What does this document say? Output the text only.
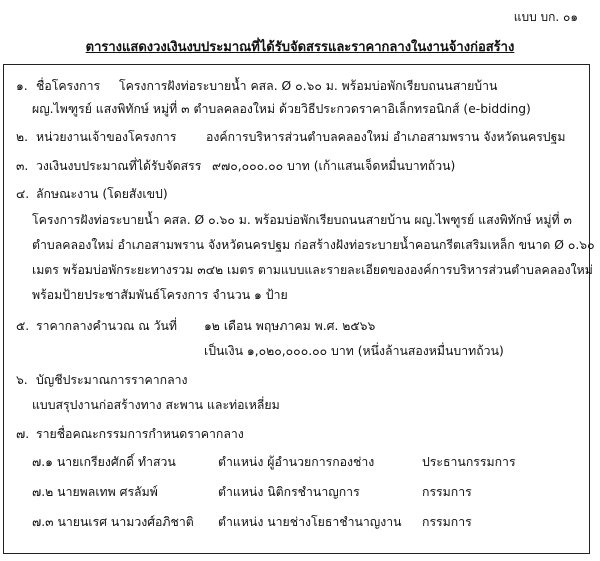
แบบ บก. ๐๑
ตารางแสดงวงเงินงบประมาณที่ได้รับจัดสรรและราคากลางในงานจ้างก่อสร้าง
๑. ชื่อโครงการ โครงการฝังท่อระบายน้ำ คสล. Ø ๐.๖๐ ม. พร้อมบ่อพักเรียบถนนสายบ้าน
ผญ.ไพฑูรย์ แสงพิทักษ์ หมู่ที่ ๓ ตำบลคลองใหม่ ด้วยวิธีประกวดราคาอิเล็กทรอนิกส์ (e-bidding)
๒. หน่วยงานเจ้าของโครงการ องค์การบริหารส่วนตำบลคลองใหม่ อำเภอสามพราน จังหวัดนครปฐม
๓. วงเงินงบประมาณที่ได้รับจัดสรร ๙๗๐,๐๐๐.๐๐ บาท (เก้าแสนเจ็ดหมื่นบาทถ้วน)
๔. ลักษณะงาน (โดยสังเขป)
โครงการฝังท่อระบายน้ำ คสล. Ø ๐.๖๐ ม. พร้อมบ่อพักเรียบถนนสายบ้าน ผญ.ไพฑูรย์ แสงพิทักษ์ หมู่ที่ ๓
ตำบลคลองใหม่ อำเภอสามพราน จังหวัดนครปฐม ก่อสร้างฝังท่อระบายน้ำคอนกรีตเสริมเหล็ก ขนาด Ø ๐.๖๐
เมตร พร้อมบ่อพักระยะทางรวม ๓๔๒ เมตร ตามแบบและรายละเอียดขององค์การบริหารส่วนตำบลคลองใหม่
พร้อมป้ายประชาสัมพันธ์โครงการ จำนวน ๑ ป้าย
๕. ราคากลางคำนวณ ณ วันที่ ๑๒ เดือน พฤษภาคม พ.ศ. ๒๕๖๖
เป็นเงิน ๑,๐๒๐,๐๐๐.๐๐ บาท (หนึ่งล้านสองหมื่นบาทถ้วน)
๖. บัญชีประมาณการราคากลาง
แบบสรุปงานก่อสร้างทาง สะพาน และท่อเหลี่ยม
๗. รายชื่อคณะกรรมการกำหนดราคากลาง
๗.๑ นายเกรียงศักดิ์ ทำสวน	ตำแหน่ง ผู้อำนวยการกองช่าง	ประธานกรรมการ
๗.๒ นายพลเทพ ศรลัมพ์	ตำแหน่ง นิติกรชำนาญการ	กรรมการ
๗.๓ นายนเรศ นามวงศ์อภิชาติ ตำแหน่ง นายช่างโยธาชำนาญงาน กรรมการ
